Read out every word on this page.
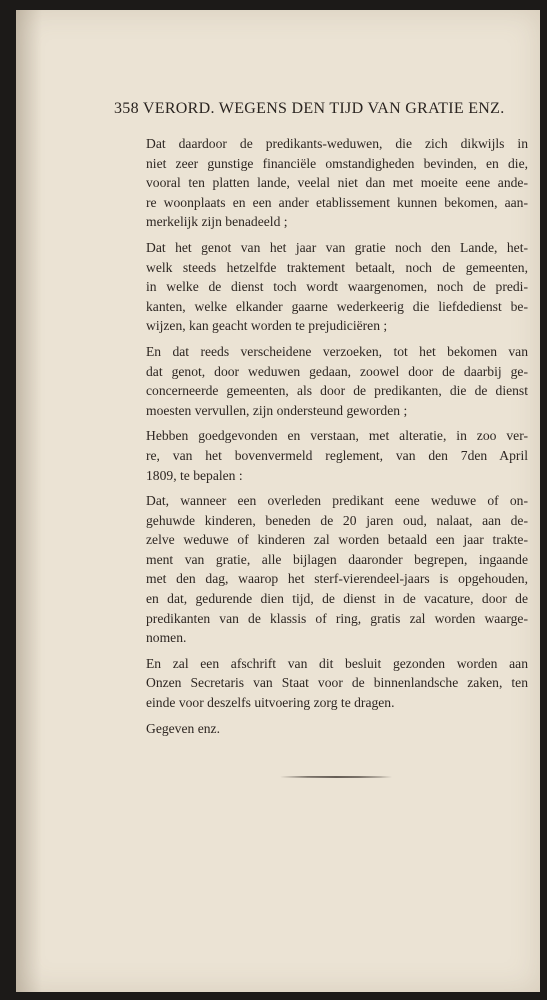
358 VERORD. WEGENS DEN TIJD VAN GRATIE ENZ.

Dat daardoor de predikants-weduwen, die zich dikwijls in
niet zeer gunstige financiële omstandigheden bevinden, en die,
vooral ten platten lande, veelal niet dan met moeite eene ande-
re woonplaats en een ander etablissement kunnen bekomen, aan-
merkelijk zijn benadeeld ;

Dat het genot van het jaar van gratie noch den Lande, het-
welk steeds hetzelfde traktement betaalt, noch de gemeenten,
in welke de dienst toch wordt waargenomen, noch de predi-
kanten, welke elkander gaarne wederkeerig die liefdedienst be-
wijzen, kan geacht worden te prejudiciëren ;

En dat reeds verscheidene verzoeken, tot het bekomen van
dat genot, door weduwen gedaan, zoowel door de daarbij ge-
concerneerde gemeenten, als door de predikanten, die de dienst
moesten vervullen, zijn ondersteund geworden ;

Hebben goedgevonden en verstaan, met alteratie, in zoo ver-
re, van het bovenvermeld reglement, van den 7den April
1809, te bepalen :

Dat, wanneer een overleden predikant eene weduwe of on-
gehuwde kinderen, beneden de 20 jaren oud, nalaat, aan de-
zelve weduwe of kinderen zal worden betaald een jaar trakte-
ment van gratie, alle bijlagen daaronder begrepen, ingaande
met den dag, waarop het sterf-vierendeel-jaars is opgehouden,
en dat, gedurende dien tijd, de dienst in de vacature, door de
predikanten van de klassis of ring, gratis zal worden waarge-
nomen.

En zal een afschrift van dit besluit gezonden worden aan
Onzen Secretaris van Staat voor de binnenlandsche zaken, ten
einde voor deszelfs uitvoering zorg te dragen.

Gegeven enz.
